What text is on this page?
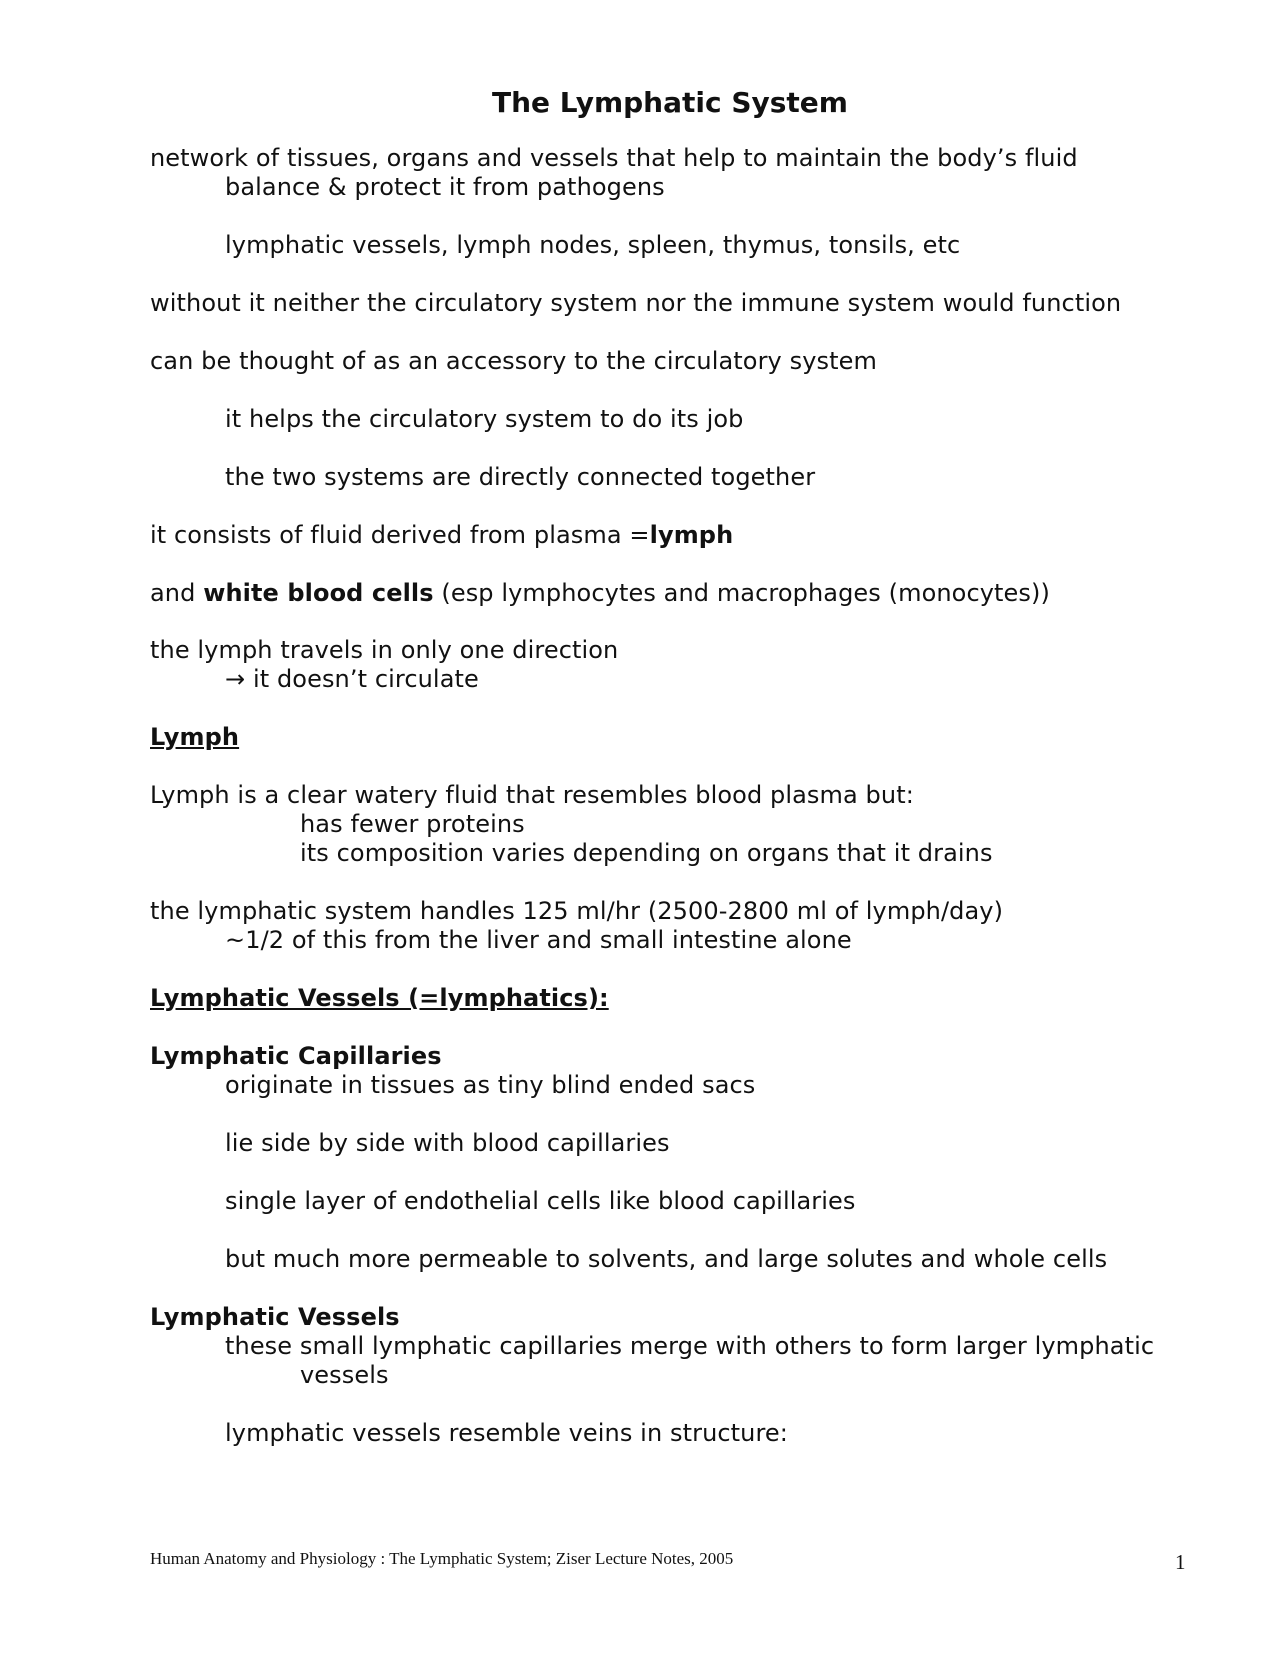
The Lymphatic System
network of tissues, organs and vessels that help to maintain the body’s fluid
balance & protect it from pathogens
lymphatic vessels, lymph nodes, spleen, thymus, tonsils, etc
without it neither the circulatory system nor the immune system would function
can be thought of as an accessory to the circulatory system
it helps the circulatory system to do its job
the two systems are directly connected together
it consists of fluid derived from plasma =lymph
and white blood cells (esp lymphocytes and macrophages (monocytes))
the lymph travels in only one direction
→ it doesn’t circulate
Lymph
Lymph is a clear watery fluid that resembles blood plasma but:
has fewer proteins
its composition varies depending on organs that it drains
the lymphatic system handles 125 ml/hr (2500-2800 ml of lymph/day)
~1/2 of this from the liver and small intestine alone
Lymphatic Vessels (=lymphatics):
Lymphatic Capillaries
originate in tissues as tiny blind ended sacs
lie side by side with blood capillaries
single layer of endothelial cells like blood capillaries
but much more permeable to solvents, and large solutes and whole cells
Lymphatic Vessels
these small lymphatic capillaries merge with others to form larger lymphatic
vessels
lymphatic vessels resemble veins in structure:
Human Anatomy and Physiology : The Lymphatic System; Ziser Lecture Notes, 2005	1
